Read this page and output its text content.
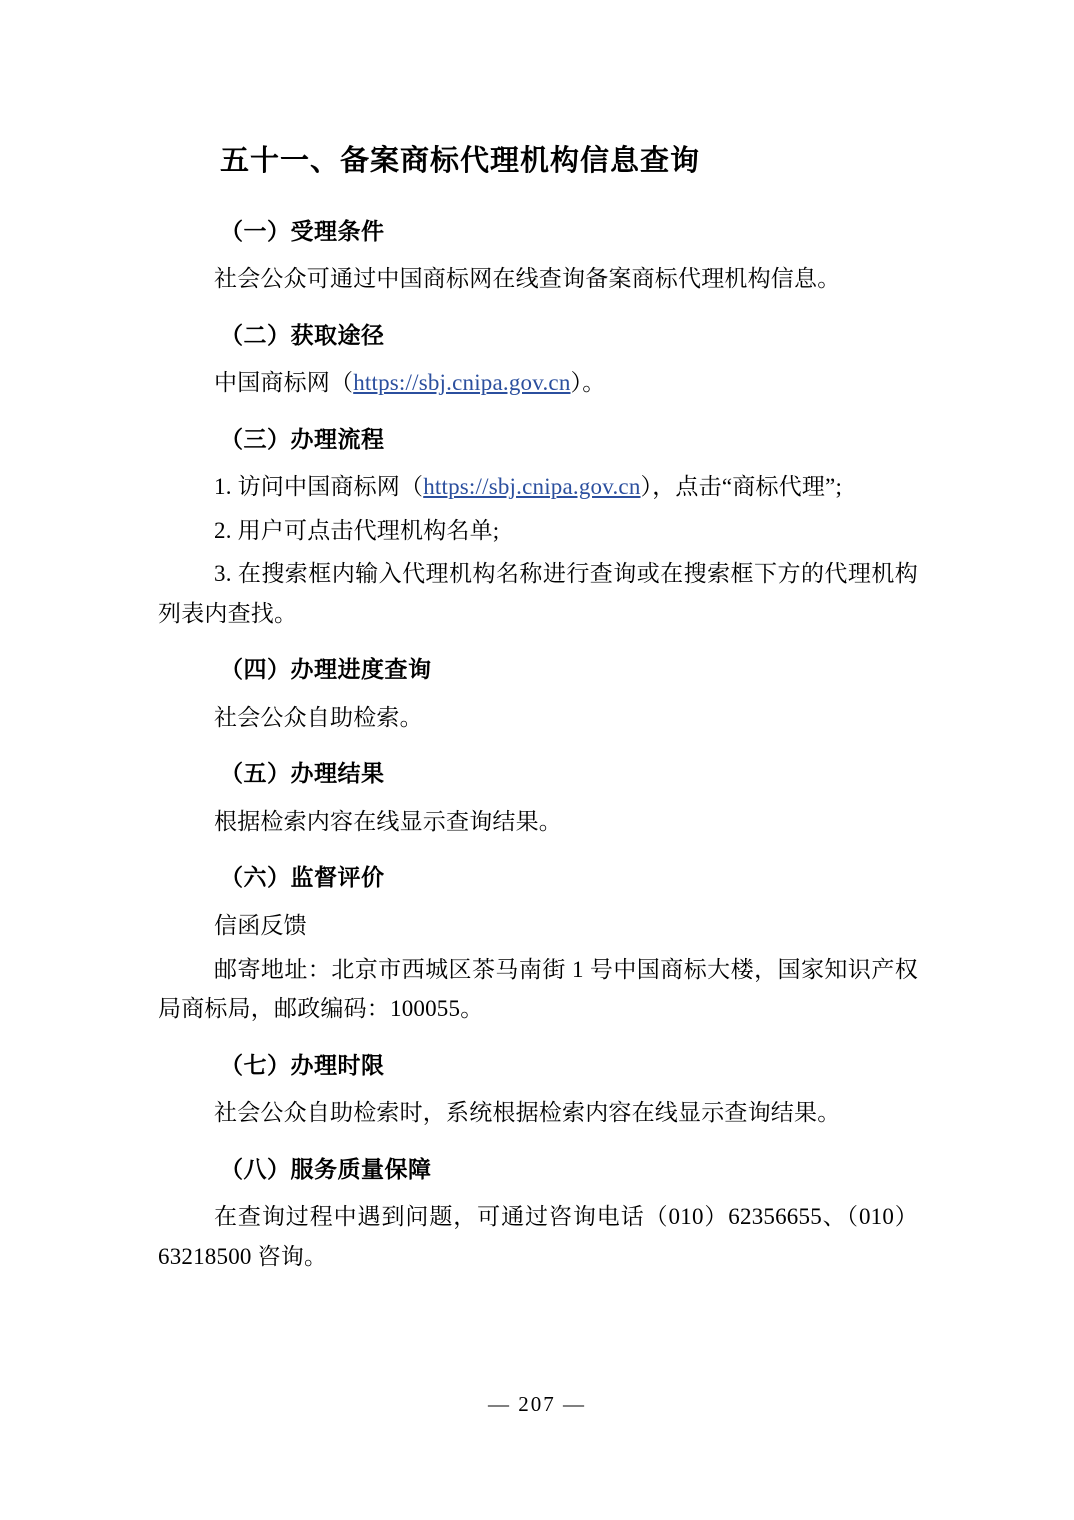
五十一、备案商标代理机构信息查询
（一）受理条件

社会公众可通过中国商标网在线查询备案商标代理机构信息。

（二）获取途径

中国商标网（https://sbj.cnipa.gov.cn）。

（三）办理流程

1. 访问中国商标网（https://sbj.cnipa.gov.cn），点击“商标代理”;

2. 用户可点击代理机构名单;

3. 在搜索框内输入代理机构名称进行查询或在搜索框下方的代理机构列表内查找。

（四）办理进度查询

社会公众自助检索。

（五）办理结果

根据检索内容在线显示查询结果。

（六）监督评价

信函反馈

邮寄地址：北京市西城区茶马南街 1 号中国商标大楼，国家知识产权局商标局，邮政编码：100055。

（七）办理时限

社会公众自助检索时，系统根据检索内容在线显示查询结果。

（八）服务质量保障

在查询过程中遇到问题，可通过咨询电话（010）62356655、（010）63218500 咨询。

— 207 —
